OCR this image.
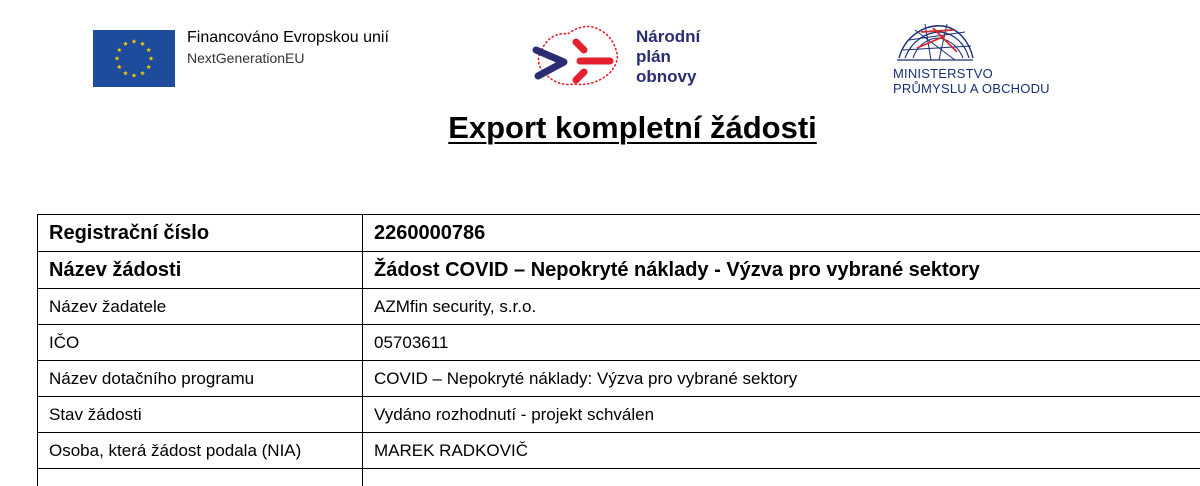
Financováno Evropskou unií
NextGenerationEU
Národní
plán
obnovy	MINISTERSTVO
PRŮMYSLU A OBCHODU
Export kompletní žádosti
Registrační číslo	2260000786
Název žádosti	Žádost COVID – Nepokryté náklady - Výzva pro vybrané sektory
Název žadatele	AZMfin security, s.r.o.
IČO	05703611
Název dotačního programu	COVID – Nepokryté náklady: Výzva pro vybrané sektory
Stav žádosti	Vydáno rozhodnutí - projekt schválen
Osoba, která žádost podala (NIA)	MAREK RADKOVIČ
